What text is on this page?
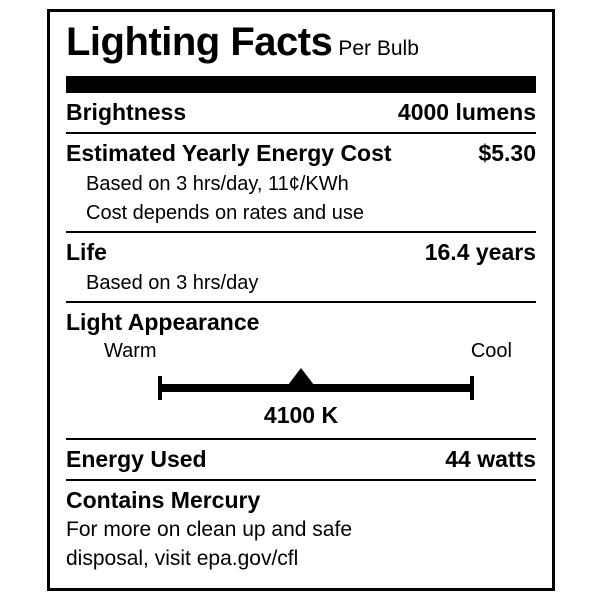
Lighting Facts Per Bulb
Brightness	4000 lumens
Estimated Yearly Energy Cost	$5.30
Based on 3 hrs/day, 11¢/KWh
Cost depends on rates and use
Life	16.4 years
Based on 3 hrs/day
Light Appearance
Warm	Cool
4100 K
Energy Used	44 watts
Contains Mercury
For more on clean up and safe
disposal, visit epa.gov/cfl
